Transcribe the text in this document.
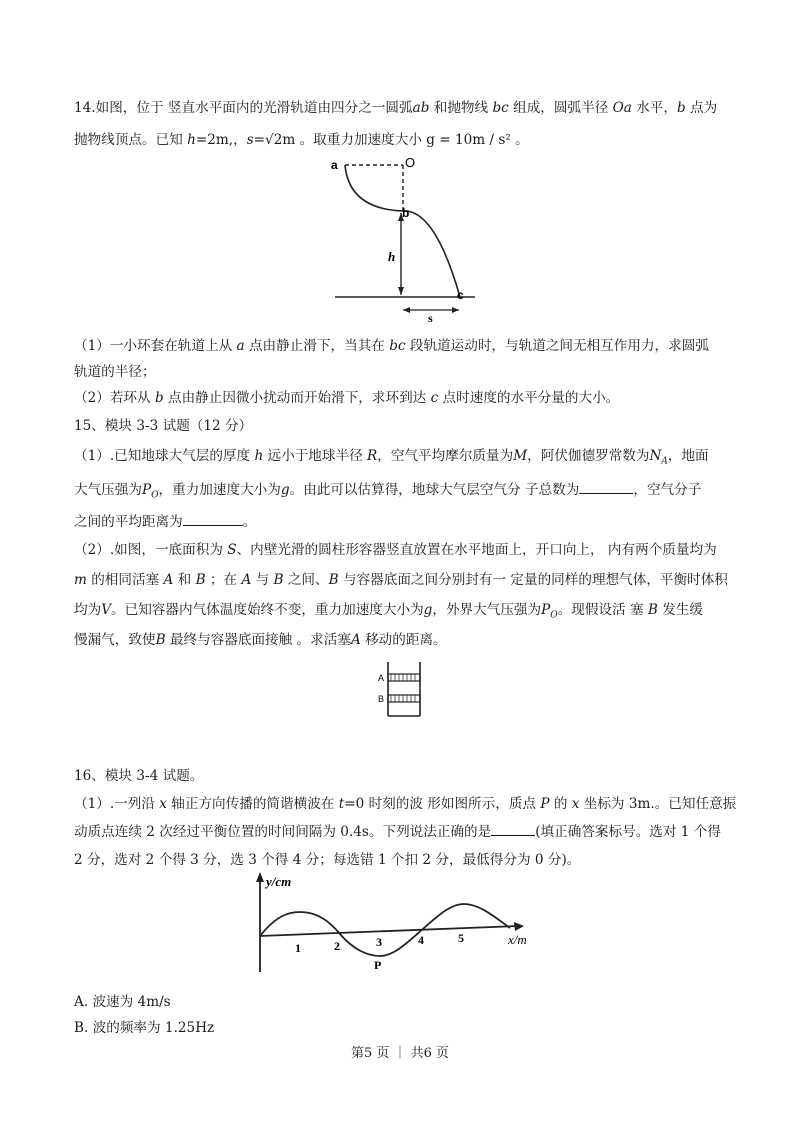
14.如图，位于 竖直水平面内的光滑轨道由四分之一圆弧ab 和抛物线 bc 组成，圆弧半径 Oa 水平，b 点为
抛物线顶点。已知 h=2m,，s=√2m 。取重力加速度大小 g = 10m / s² 。
a	O
b
h
c
s
（1）一小环套在轨道上从 a 点由静止滑下，当其在 bc 段轨道运动时，与轨道之间无相互作用力，求圆弧
轨道的半径；
（2）若环从 b 点由静止因微小扰动而开始滑下，求环到达 c 点时速度的水平分量的大小。
15、模块 3-3 试题（12 分）
（1）.已知地球大气层的厚度 h 远小于地球半径 R，空气平均摩尔质量为M，阿伏伽德罗常数为$N_A$，地面
大气压强为$P_O$，重力加速度大小为g。由此可以估算得，地球大气层空气分 子总数为	，空气分子
之间的平均距离为	。
（2）.如图，一底面积为 S、内壁光滑的圆柱形容器竖直放置在水平地面上，开口向上， 内有两个质量均为
m 的相同活塞 A 和 B ；在 A 与 B 之间、B 与容器底面之间分别封有一 定量的同样的理想气体，平衡时体积
均为V。已知容器内气体温度始终不变，重力加速度大小为g，外界大气压强为$P_O$。现假设活 塞 B 发生缓
慢漏气，致使B 最终与容器底面接触 。求活塞A 移动的距离。
A
B
16、模块 3-4 试题。
（1）.一列沿 x 轴正方向传播的简谐横波在 t=0 时刻的波 形如图所示，质点 P 的 x 坐标为 3m.。已知任意振
动质点连续 2 次经过平衡位置的时间间隔为 0.4s。下列说法正确的是	(填正确答案标号。选对 1 个得
2 分，选对 2 个得 3 分，选 3 个得 4 分；每选错 1 个扣 2 分，最低得分为 0 分)。
y/cm
x/m
1	2	3	4	5
P
A. 波速为 4m/s
B. 波的频率为 1.25Hz
第5 页 ｜ 共6 页
